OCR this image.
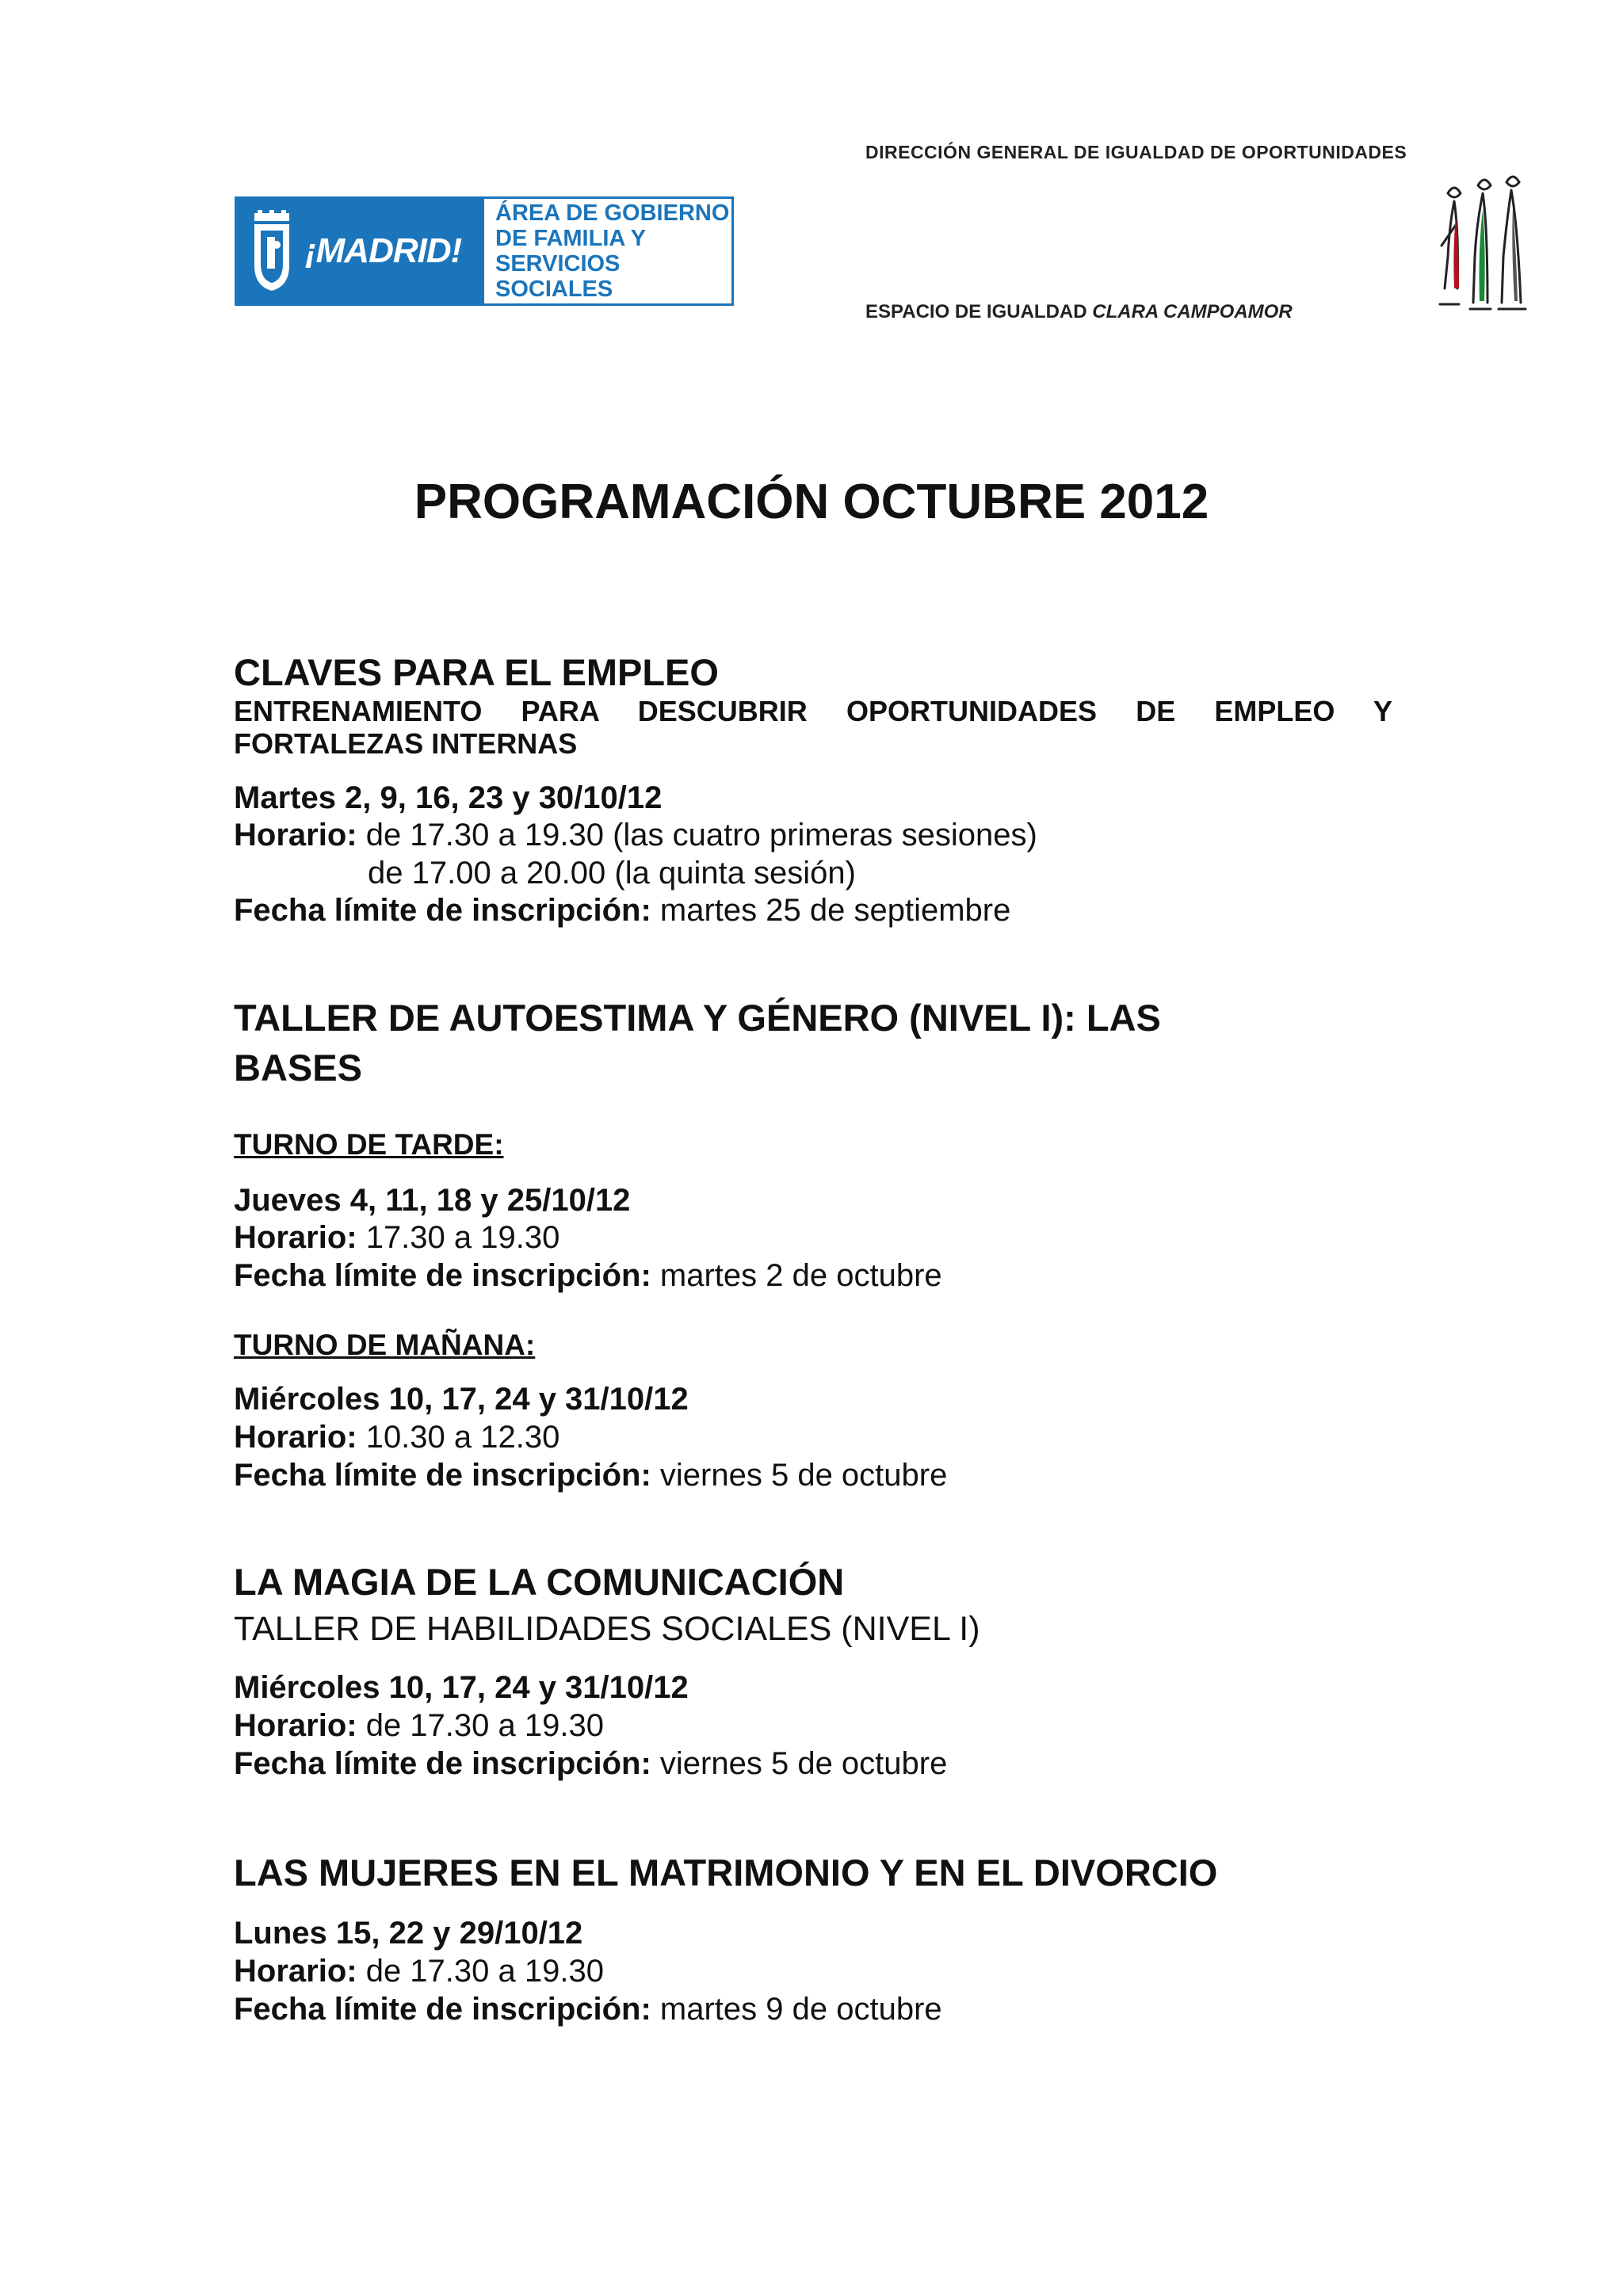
DIRECCIÓN GENERAL DE IGUALDAD DE OPORTUNIDADES
¡MADRID!
ÁREA DE GOBIERNO
DE FAMILIA Y
SERVICIOS SOCIALES
ESPACIO DE IGUALDAD CLARA CAMPOAMOR
PROGRAMACIÓN OCTUBRE 2012
CLAVES PARA EL EMPLEO
ENTRENAMIENTO PARA DESCUBRIR OPORTUNIDADES DE EMPLEO Y
FORTALEZAS INTERNAS
Martes 2, 9, 16, 23 y 30/10/12
Horario: de 17.30 a 19.30 (las cuatro primeras sesiones)
de 17.00 a 20.00 (la quinta sesión)
Fecha límite de inscripción: martes 25 de septiembre
TALLER DE AUTOESTIMA Y GÉNERO (NIVEL I): LAS
BASES
TURNO DE TARDE:
Jueves 4, 11, 18 y 25/10/12
Horario: 17.30 a 19.30
Fecha límite de inscripción: martes 2 de octubre
TURNO DE MAÑANA:
Miércoles 10, 17, 24 y 31/10/12
Horario: 10.30 a 12.30
Fecha límite de inscripción: viernes 5 de octubre
LA MAGIA DE LA COMUNICACIÓN
TALLER DE HABILIDADES SOCIALES (NIVEL I)
Miércoles 10, 17, 24 y 31/10/12
Horario: de 17.30 a 19.30
Fecha límite de inscripción: viernes 5 de octubre
LAS MUJERES EN EL MATRIMONIO Y EN EL DIVORCIO
Lunes 15, 22 y 29/10/12
Horario: de 17.30 a 19.30
Fecha límite de inscripción: martes 9 de octubre
